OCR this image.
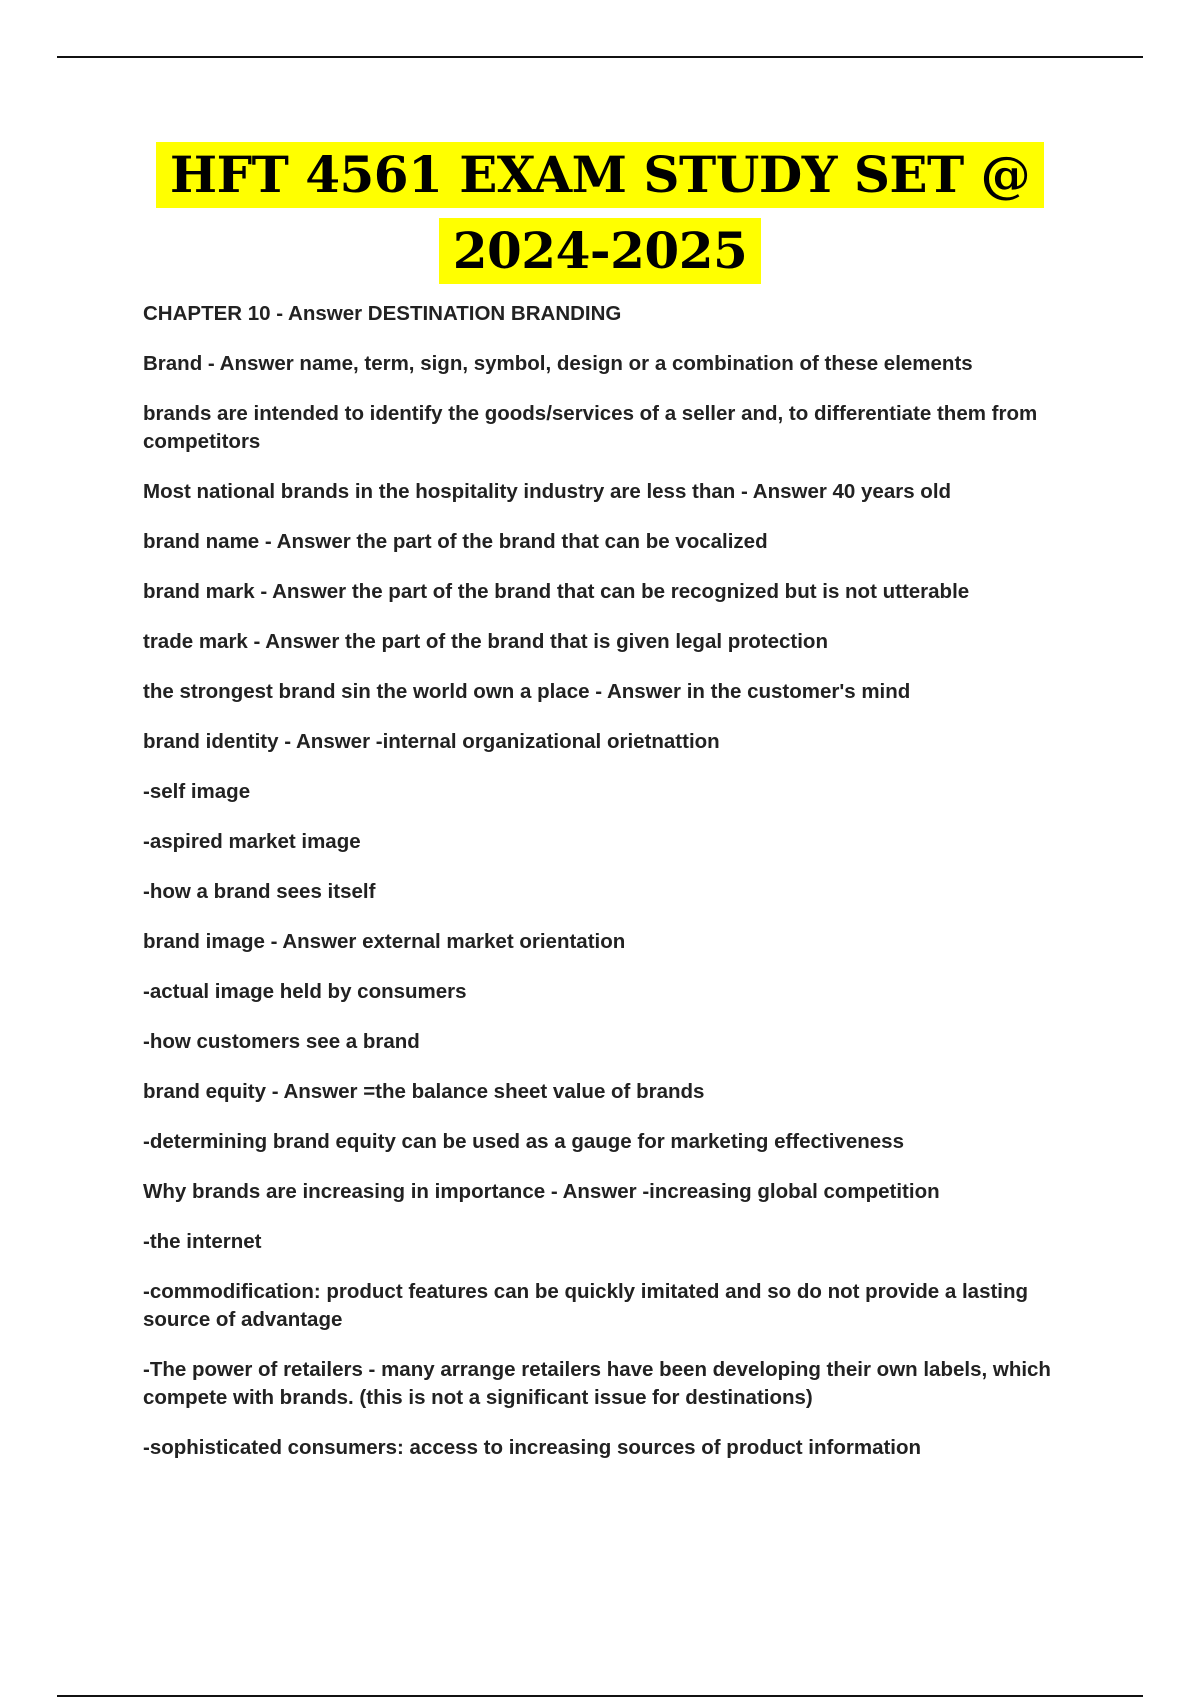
HFT 4561 EXAM STUDY SET @
2024-2025

CHAPTER 10 - Answer DESTINATION BRANDING

Brand - Answer name, term, sign, symbol, design or a combination of these elements

brands are intended to identify the goods/services of a seller and, to differentiate them from competitors

Most national brands in the hospitality industry are less than - Answer 40 years old

brand name - Answer the part of the brand that can be vocalized

brand mark - Answer the part of the brand that can be recognized but is not utterable

trade mark - Answer the part of the brand that is given legal protection

the strongest brand sin the world own a place - Answer in the customer's mind

brand identity - Answer -internal organizational orietnattion

-self image

-aspired market image

-how a brand sees itself

brand image - Answer external market orientation

-actual image held by consumers

-how customers see a brand

brand equity - Answer =the balance sheet value of brands

-determining brand equity can be used as a gauge for marketing effectiveness

Why brands are increasing in importance - Answer -increasing global competition

-the internet

-commodification: product features can be quickly imitated and so do not provide a lasting source of advantage

-The power of retailers - many arrange retailers have been developing their own labels, which compete with brands. (this is not a significant issue for destinations)

-sophisticated consumers: access to increasing sources of product information
